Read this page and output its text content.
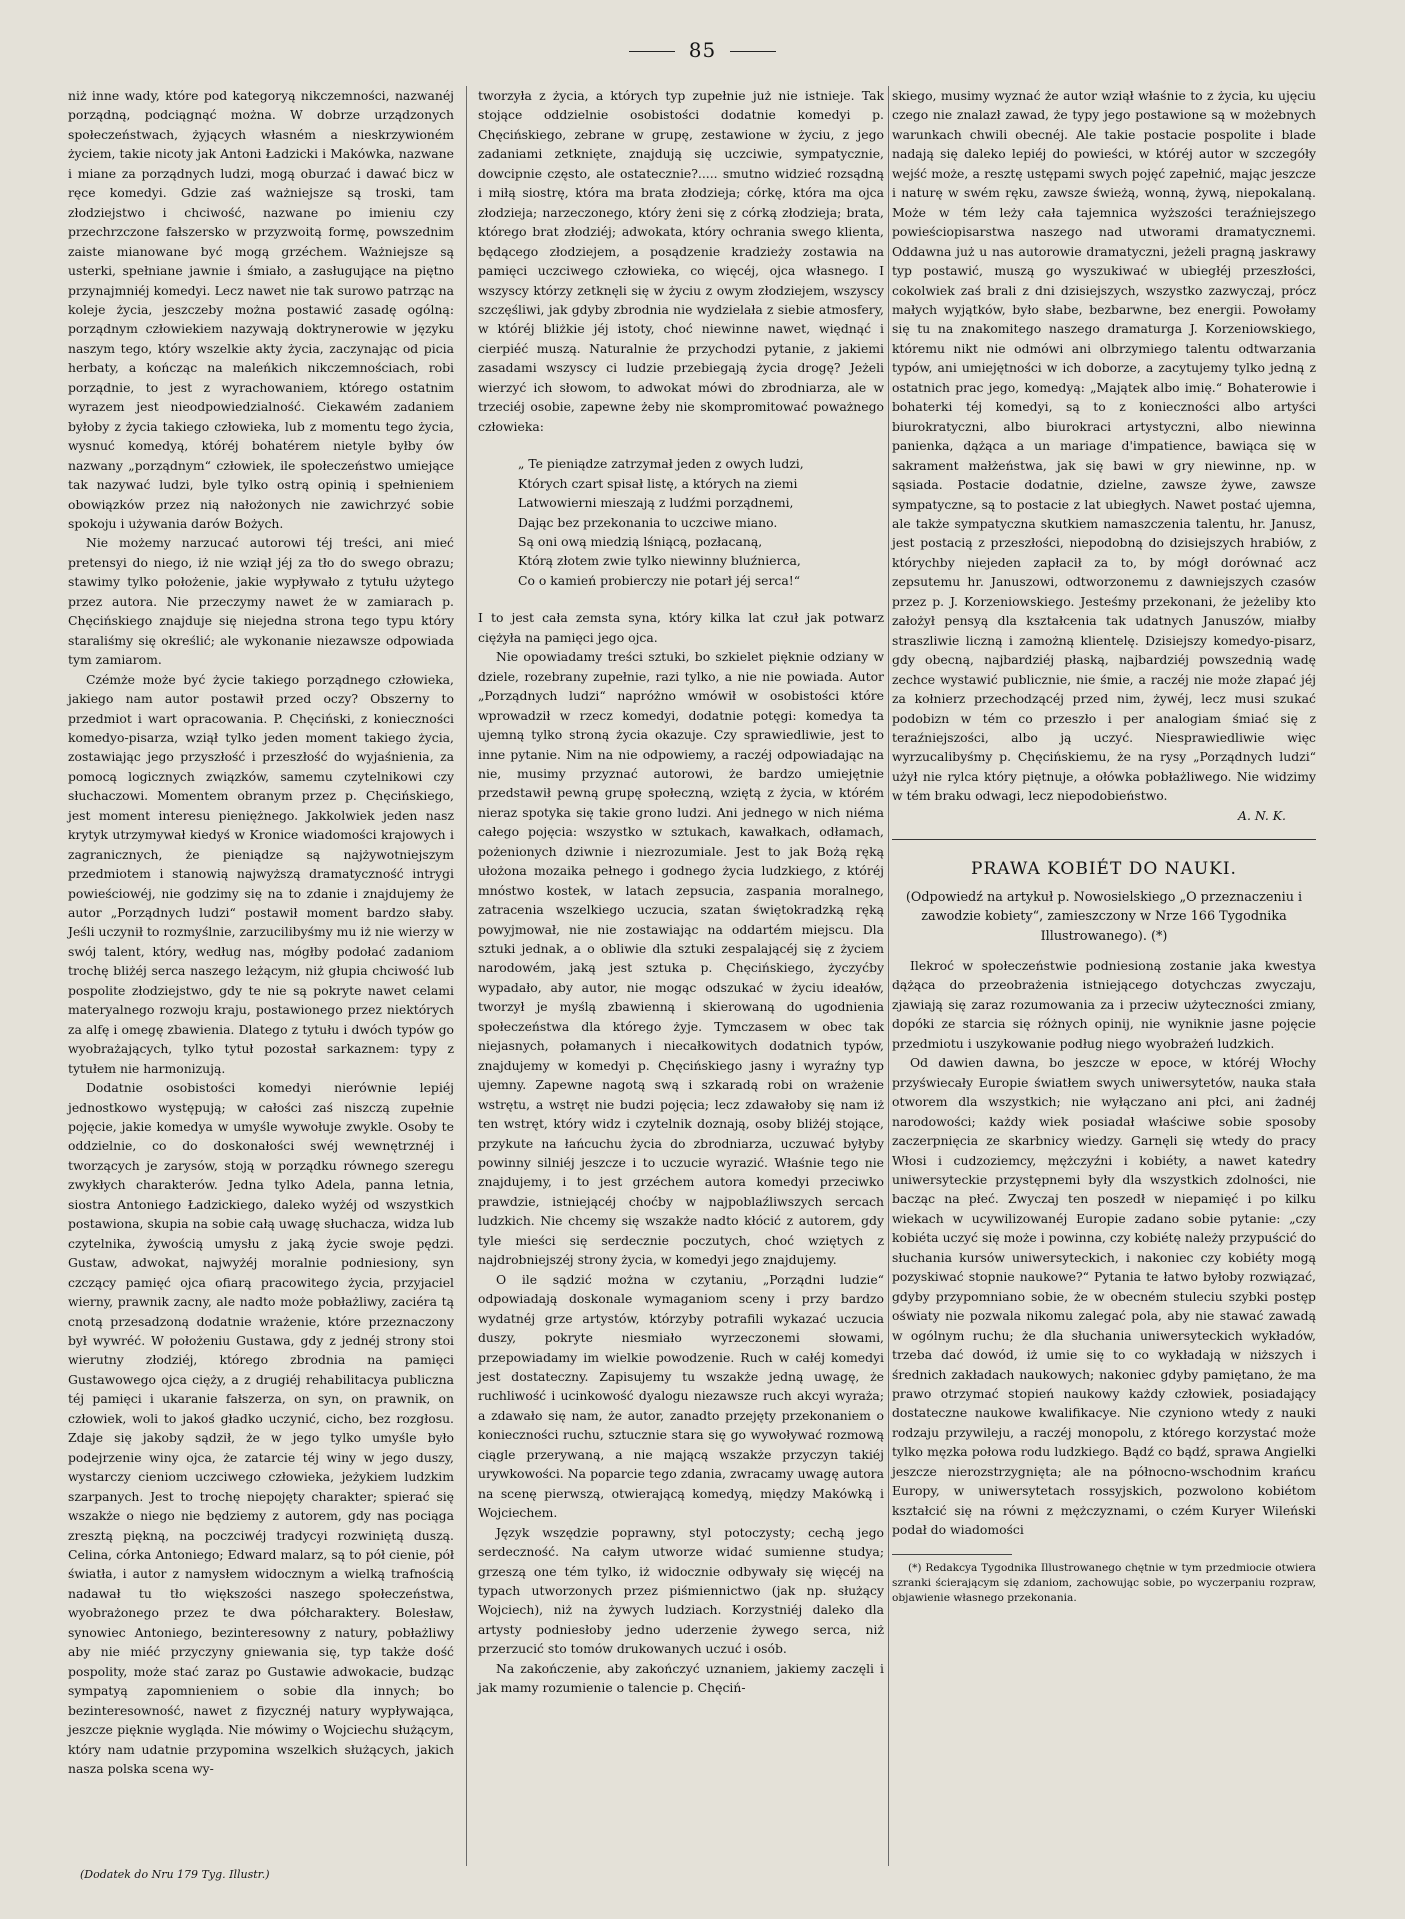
85

niż inne wady, które pod kategoryą nikczemności, nazwanéj porządną, podciągnąć można. W dobrze urządzonych społeczeństwach, żyjących własném a nieskrzywioném życiem, takie nicoty jak Antoni Ładzicki i Makówka, nazwane i miane za porządnych ludzi, mogą oburzać i dawać bicz w ręce komedyi. Gdzie zaś ważniejsze są troski, tam złodziejstwo i chciwość, nazwane po imieniu czy przechrzczone fałszersko w przyzwoitą formę, powszednim zaiste mianowane być mogą grzéchem. Ważniejsze są usterki, spełniane jawnie i śmiało, a zasługujące na piętno przynajmniéj komedyi. Lecz nawet nie tak surowo patrząc na koleje życia, jeszczeby można postawić zasadę ogólną: porządnym człowiekiem nazywają doktrynerowie w języku naszym tego, który wszelkie akty życia, zaczynając od picia herbaty, a kończąc na maleńkich nikczemnościach, robi porządnie, to jest z wyrachowaniem, którego ostatnim wyrazem jest nieodpowiedzialność. Ciekawém zadaniem byłoby z życia takiego człowieka, lub z momentu tego życia, wysnuć komedyą, któréj bohatérem nietyle byłby ów nazwany „porządnym“ człowiek, ile społeczeństwo umiejące tak nazywać ludzi, byle tylko ostrą opinią i spełnieniem obowiązków przez nią nałożonych nie zawichrzyć sobie spokoju i używania darów Bożych.

Nie możemy narzucać autorowi téj treści, ani mieć pretensyi do niego, iż nie wziął jéj za tło do swego obrazu; stawimy tylko położenie, jakie wypływało z tytułu użytego przez autora. Nie przeczymy nawet że w zamiarach p. Chęcińskiego znajduje się niejedna strona tego typu który staraliśmy się określić; ale wykonanie niezawsze odpowiada tym zamiarom.

Czémże może być życie takiego porządnego człowieka, jakiego nam autor postawił przed oczy? Obszerny to przedmiot i wart opracowania. P. Chęciński, z konieczności komedyo-pisarza, wziął tylko jeden moment takiego życia, zostawiając jego przyszłość i przeszłość do wyjaśnienia, za pomocą logicznych związków, samemu czytelnikowi czy słuchaczowi. Momentem obranym przez p. Chęcińskiego, jest moment interesu pieniężnego. Jakkolwiek jeden nasz krytyk utrzymywał kiedyś w Kronice wiadomości krajowych i zagranicznych, że pieniądze są najżywotniejszym przedmiotem i stanowią najwyższą dramatyczność intrygi powieściowéj, nie godzimy się na to zdanie i znajdujemy że autor „Porządnych ludzi“ postawił moment bardzo słaby. Jeśli uczynił to rozmyślnie, zarzucilibyśmy mu iż nie wierzy w swój talent, który, według nas, mógłby podołać zadaniom trochę bliżéj serca naszego leżącym, niż głupia chciwość lub pospolite złodziejstwo, gdy te nie są pokryte nawet celami materyalnego rozwoju kraju, postawionego przez niektórych za alfę i omegę zbawienia. Dlatego z tytułu i dwóch typów go wyobrażających, tylko tytuł pozostał sarkaznem: typy z tytułem nie harmonizują.

Dodatnie osobistości komedyi nierównie lepiéj jednostkowo występują; w całości zaś niszczą zupełnie pojęcie, jakie komedya w umyśle wywołuje zwykle. Osoby te oddzielnie, co do doskonałości swéj wewnętrznéj i tworzących je zarysów, stoją w porządku równego szeregu zwykłych charakterów. Jedna tylko Adela, panna letnia, siostra Antoniego Ładzickiego, daleko wyżéj od wszystkich postawiona, skupia na sobie całą uwagę słuchacza, widza lub czytelnika, żywością umysłu z jaką życie swoje pędzi. Gustaw, adwokat, najwyżéj moralnie podniesiony, syn czczący pamięć ojca ofiarą pracowitego życia, przyjaciel wierny, prawnik zacny, ale nadto może pobłażliwy, zaciéra tą cnotą przesadzoną dodatnie wrażenie, które przeznaczony był wywréć. W położeniu Gustawa, gdy z jednéj strony stoi wierutny złodziéj, którego zbrodnia na pamięci Gustawowego ojca cięży, a z drugiéj rehabilitacya publiczna téj pamięci i ukaranie fałszerza, on syn, on prawnik, on człowiek, woli to jakoś gładko uczynić, cicho, bez rozgłosu. Zdaje się jakoby sądził, że w jego tylko umyśle było podejrzenie winy ojca, że zatarcie téj winy w jego duszy, wystarczy cieniom uczciwego człowieka, jeżykiem ludzkim szarpanych. Jest to trochę niepojęty charakter; spierać się wszakże o niego nie będziemy z autorem, gdy nas pociąga zresztą piękną, na poczciwéj tradycyi rozwiniętą duszą. Celina, córka Antoniego; Edward malarz, są to pół cienie, pół światła, i autor z namysłem widocznym a wielką trafnością nadawał tu tło większości naszego społeczeństwa, wyobrażonego przez te dwa półcharaktery. Bolesław, synowiec Antoniego, bezinteresowny z natury, pobłażliwy aby nie miéć przyczyny gniewania się, typ także dość pospolity, może stać zaraz po Gustawie adwokacie, budząc sympatyą zapomnieniem o sobie dla innych; bo bezinteresowność, nawet z fizycznéj natury wypływająca, jeszcze pięknie wygląda. Nie mówimy o Wojciechu służącym, który nam udatnie przypomina wszelkich służących, jakich nasza polska scena wy-

tworzyła z życia, a których typ zupełnie już nie istnieje. Tak stojące oddzielnie osobistości dodatnie komedyi p. Chęcińskiego, zebrane w grupę, zestawione w życiu, z jego zadaniami zetknięte, znajdują się uczciwie, sympatycznie, dowcipnie często, ale ostatecznie?..... smutno widzieć rozsądną i miłą siostrę, która ma brata złodzieja; córkę, która ma ojca złodzieja; narzeczonego, który żeni się z córką złodzieja; brata, którego brat złodziéj; adwokata, który ochrania swego klienta, będącego złodziejem, a posądzenie kradzieży zostawia na pamięci uczciwego człowieka, co więcéj, ojca własnego. I wszyscy którzy zetknęli się w życiu z owym złodziejem, wszyscy szczęśliwi, jak gdyby zbrodnia nie wydzielała z siebie atmosfery, w któréj bliżkie jéj istoty, choć niewinne nawet, więdnąć i cierpiéć muszą. Naturalnie że przychodzi pytanie, z jakiemi zasadami wszyscy ci ludzie przebiegają życia drogę? Jeżeli wierzyć ich słowom, to adwokat mówi do zbrodniarza, ale w trzeciéj osobie, zapewne żeby nie skompromitować poważnego człowieka:

„ Te pieniądze zatrzymał jeden z owych ludzi,
Których czart spisał listę, a których na ziemi
Latwowierni mieszają z ludźmi porządnemi,
Dając bez przekonania to uczciwe miano.
Są oni ową miedzią lśniącą, pozłacaną,
Którą złotem zwie tylko niewinny bluźnierca,
Co o kamień probierczy nie potarł jéj serca!“

I to jest cała zemsta syna, który kilka lat czuł jak potwarz ciężyła na pamięci jego ojca.

Nie opowiadamy treści sztuki, bo szkielet pięknie odziany w dziele, rozebrany zupełnie, razi tylko, a nie nie powiada. Autor „Porządnych ludzi“ napróżno wmówił w osobistości które wprowadził w rzecz komedyi, dodatnie potęgi: komedya ta ujemną tylko stroną życia okazuje. Czy sprawiedliwie, jest to inne pytanie. Nim na nie odpowiemy, a raczéj odpowiadając na nie, musimy przyznać autorowi, że bardzo umiejętnie przedstawił pewną grupę społeczną, wziętą z życia, w którém nieraz spotyka się takie grono ludzi. Ani jednego w nich niéma całego pojęcia: wszystko w sztukach, kawałkach, odłamach, pożenionych dziwnie i niezrozumiale. Jest to jak Bożą ręką ułożona mozaika pełnego i godnego życia ludzkiego, z któréj mnóstwo kostek, w latach zepsucia, zaspania moralnego, zatracenia wszelkiego uczucia, szatan świętokradzką ręką powyjmował, nie nie zostawiając na oddartém miejscu. Dla sztuki jednak, a o obliwie dla sztuki zespalającéj się z życiem narodowém, jaką jest sztuka p. Chęcińskiego, życzyćby wypadało, aby autor, nie mogąc odszukać w życiu ideałów, tworzył je myślą zbawienną i skierowaną do ugodnienia społeczeństwa dla którego żyje. Tymczasem w obec tak niejasnych, połamanych i niecałkowitych dodatnich typów, znajdujemy w komedyi p. Chęcińskiego jasny i wyraźny typ ujemny. Zapewne nagotą swą i szkaradą robi on wrażenie wstrętu, a wstręt nie budzi pojęcia; lecz zdawałoby się nam iż ten wstręt, który widz i czytelnik doznają, osoby bliżéj stojące, przykute na łańcuchu życia do zbrodniarza, uczuwać byłyby powinny silniéj jeszcze i to uczucie wyrazić. Właśnie tego nie znajdujemy, i to jest grzéchem autora komedyi przeciwko prawdzie, istniejącéj choćby w najpoblaźliwszych sercach ludzkich. Nie chcemy się wszakże nadto kłócić z autorem, gdy tyle mieści się serdecznie poczutych, choć wziętych z najdrobniejszéj strony życia, w komedyi jego znajdujemy.

O ile sądzić można w czytaniu, „Porządni ludzie“ odpowiadają doskonale wymaganiom sceny i przy bardzo wydatnéj grze artystów, którzyby potrafili wykazać uczucia duszy, pokryte niesmiało wyrzeczonemi słowami, przepowiadamy im wielkie powodzenie. Ruch w całéj komedyi jest dostateczny. Zapisujemy tu wszakże jedną uwagę, że ruchliwość i ucinkowość dyalogu niezawsze ruch akcyi wyraża; a zdawało się nam, że autor, zanadto przejęty przekonaniem o konieczności ruchu, sztucznie stara się go wywoływać rozmową ciągle przerywaną, a nie mającą wszakże przyczyn takiéj urywkowości. Na poparcie tego zdania, zwracamy uwagę autora na scenę pierwszą, otwierającą komedyą, między Makówką i Wojciechem.

Język wszędzie poprawny, styl potoczysty; cechą jego serdeczność. Na całym utworze widać sumienne studya; grzeszą one tém tylko, iż widocznie odbywały się więcéj na typach utworzonych przez piśmiennictwo (jak np. służący Wojciech), niż na żywych ludziach. Korzystniéj daleko dla artysty podniesłoby jedno uderzenie żywego serca, niż przerzucić sto tomów drukowanych uczuć i osób.

Na zakończenie, aby zakończyć uznaniem, jakiemy zaczęli i jak mamy rozumienie o talencie p. Chęciń-

skiego, musimy wyznać że autor wziął właśnie to z życia, ku ujęciu czego nie znalazł zawad, że typy jego postawione są w możebnych warunkach chwili obecnéj. Ale takie postacie pospolite i blade nadają się daleko lepiéj do powieści, w któréj autor w szczegóły wejść może, a resztę ustępami swych pojęć zapełnić, mając jeszcze i naturę w swém ręku, zawsze świeżą, wonną, żywą, niepokalaną. Może w tém leży cała tajemnica wyższości teraźniejszego powieściopisarstwa naszego nad utworami dramatycznemi. Oddawna już u nas autorowie dramatyczni, jeżeli pragną jaskrawy typ postawić, muszą go wyszukiwać w ubiegłéj przeszłości, cokolwiek zaś brali z dni dzisiejszych, wszystko zazwyczaj, prócz małych wyjątków, było słabe, bezbarwne, bez energii. Powołamy się tu na znakomitego naszego dramaturga J. Korzeniowskiego, któremu nikt nie odmówi ani olbrzymiego talentu odtwarzania typów, ani umiejętności w ich doborze, a zacytujemy tylko jedną z ostatnich prac jego, komedyą: „Majątek albo imię.“ Bohaterowie i bohaterki téj komedyi, są to z konieczności albo artyści biurokratyczni, albo biurokraci artystyczni, albo niewinna panienka, dążąca a un mariage d'impatience, bawiąca się w sakrament małżeństwa, jak się bawi w gry niewinne, np. w sąsiada. Postacie dodatnie, dzielne, zawsze żywe, zawsze sympatyczne, są to postacie z lat ubiegłych. Nawet postać ujemna, ale także sympatyczna skutkiem namaszczenia talentu, hr. Janusz, jest postacią z przeszłości, niepodobną do dzisiejszych hrabiów, z którychby niejeden zapłacił za to, by mógł dorównać acz zepsutemu hr. Januszowi, odtworzonemu z dawniejszych czasów przez p. J. Korzeniowskiego. Jesteśmy przekonani, że jeżeliby kto założył pensyą dla kształcenia tak udatnych Januszów, miałby straszliwie liczną i zamożną klientelę. Dzisiejszy komedyo-pisarz, gdy obecną, najbardziéj płaską, najbardziéj powszednią wadę zechce wystawić publicznie, nie śmie, a raczéj nie może złapać jéj za kołnierz przechodzącéj przed nim, żywéj, lecz musi szukać podobizn w tém co przeszło i per analogiam śmiać się z teraźniejszości, albo ją uczyć. Niesprawiedliwie więc wyrzucalibyśmy p. Chęcińskiemu, że na rysy „Porządnych ludzi“ użył nie rylca który piętnuje, a ołówka pobłażliwego. Nie widzimy w tém braku odwagi, lecz niepodobieństwo.

A. N. K.
PRAWA KOBIÉT DO NAUKI.
(Odpowiedź na artykuł p. Nowosielskiego „O przeznaczeniu i zawodzie kobiety“, zamieszczony w Nrze 166 Tygodnika Illustrowanego). (*)

Ilekroć w społeczeństwie podniesioną zostanie jaka kwestya dążąca do przeobrażenia istniejącego dotychczas zwyczaju, zjawiają się zaraz rozumowania za i przeciw użyteczności zmiany, dopóki ze starcia się różnych opinij, nie wyniknie jasne pojęcie przedmiotu i uszykowanie podług niego wyobrażeń ludzkich.

Od dawien dawna, bo jeszcze w epoce, w któréj Włochy przyświecały Europie światłem swych uniwersytetów, nauka stała otworem dla wszystkich; nie wyłączano ani płci, ani żadnéj narodowości; każdy wiek posiadał właściwe sobie sposoby zaczerpnięcia ze skarbnicy wiedzy. Garnęli się wtedy do pracy Włosi i cudzoziemcy, mężczyźni i kobiéty, a nawet katedry uniwersyteckie przystępnemi były dla wszystkich zdolności, nie bacząc na płeć. Zwyczaj ten poszedł w niepamięć i po kilku wiekach w ucywilizowanéj Europie zadano sobie pytanie: „czy kobiéta uczyć się może i powinna, czy kobiétę należy przypuścić do słuchania kursów uniwersyteckich, i nakoniec czy kobiéty mogą pozyskiwać stopnie naukowe?“ Pytania te łatwo byłoby rozwiązać, gdyby przypomniano sobie, że w obecném stuleciu szybki postęp oświaty nie pozwala nikomu zalegać pola, aby nie stawać zawadą w ogólnym ruchu; że dla słuchania uniwersyteckich wykładów, trzeba dać dowód, iż umie się to co wykładają w niższych i średnich zakładach naukowych; nakoniec gdyby pamiętano, że ma prawo otrzymać stopień naukowy każdy człowiek, posiadający dostateczne naukowe kwalifikacye. Nie czyniono wtedy z nauki rodzaju przywileju, a raczéj monopolu, z którego korzystać może tylko męzka połowa rodu ludzkiego. Bądź co bądź, sprawa Angielki jeszcze nierozstrzygnięta; ale na północno-wschodnim krańcu Europy, w uniwersytetach rossyjskich, pozwolono kobiétom kształcić się na równi z mężczyznami, o czém Kuryer Wileński podał do wiadomości

(*) Redakcya Tygodnika Illustrowanego chętnie w tym przedmiocie otwiera szranki ścierającym się zdaniom, zachowując sobie, po wyczerpaniu rozpraw, objawienie własnego przekonania.
(Dodatek do Nru 179 Tyg. Illustr.)
